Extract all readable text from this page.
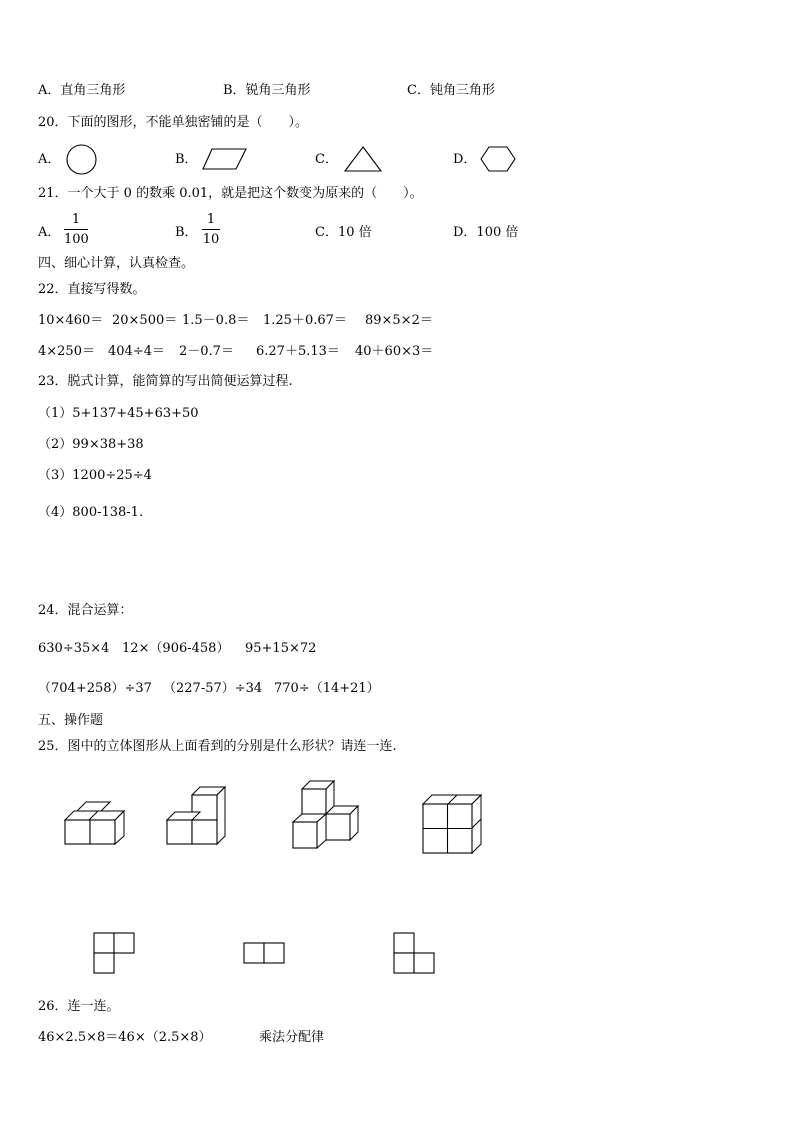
A．直角三角形	B．锐角三角形	C．钝角三角形
20．下面的图形，不能单独密铺的是（　　）。
A．	B．	C．	D．
21．一个大于 0 的数乘 0.01，就是把这个数变为原来的（　　）。
A．
1
100	B．
1
10	C．10 倍	D．100 倍
四、细心计算，认真检查。
22．直接写得数。
10×460＝ 20×500＝ 1.5－0.8＝ 1.25＋0.67＝ 89×5×2＝
4×250＝ 404÷4＝ 2－0.7＝ 6.27＋5.13＝ 40＋60×3＝
23．脱式计算，能简算的写出简便运算过程.
（1）5+137+45+63+50
（2）99×38+38
（3）1200÷25÷4
（4）800-138-1.
24．混合运算：
630÷35×4 12×（906-458） 95+15×72
（704+258）÷37 （227-57）÷34 770÷（14+21）
五、操作题
25．图中的立体图形从上面看到的分别是什么形状？请连一连.
26．连一连。
46×2.5×8＝46×（2.5×8）	乘法分配律
